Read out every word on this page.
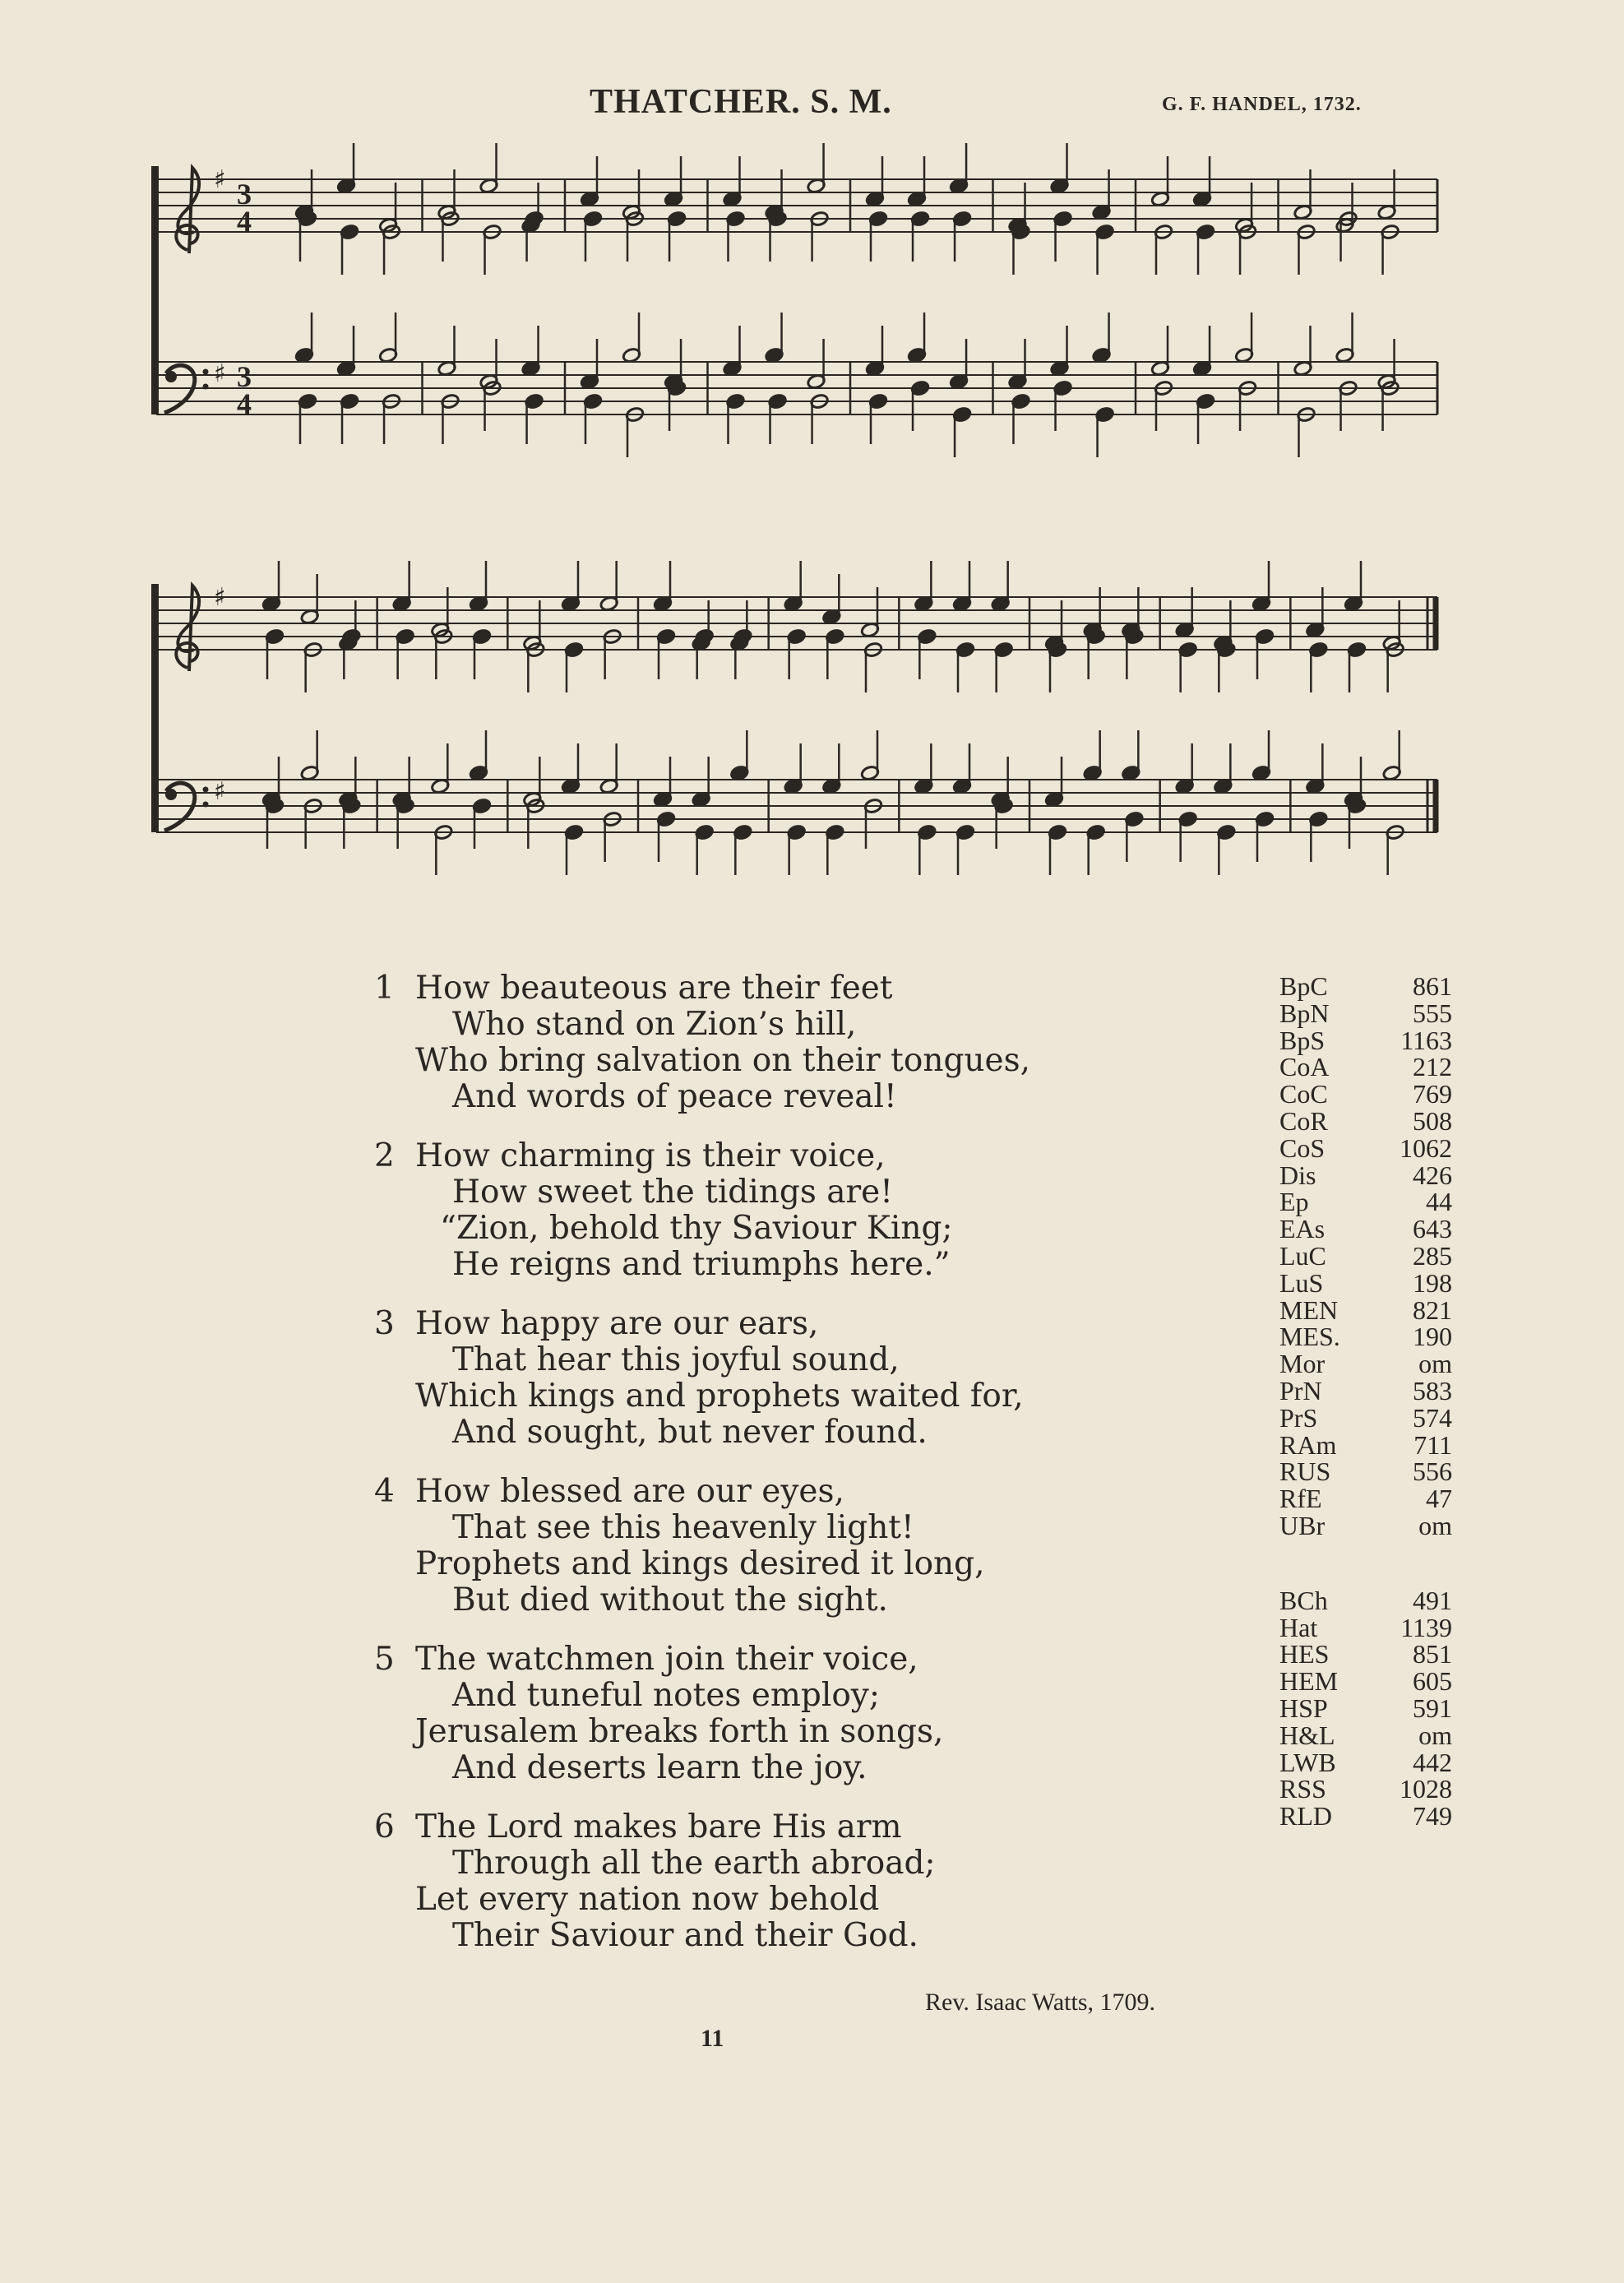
THATCHER. S. M.	G. F. HANDEL, 1732.
♯
♯
3
4
3
4
♯
♯
1 How beauteous are their feet
Who stand on Zion’s hill,
Who bring salvation on their tongues,
And words of peace reveal!
2 How charming is their voice,
How sweet the tidings are!
“Zion, behold thy Saviour King;
He reigns and triumphs here.”
3 How happy are our ears,
That hear this joyful sound,
Which kings and prophets waited for,
And sought, but never found.
4 How blessed are our eyes,
That see this heavenly light!
Prophets and kings desired it long,
But died without the sight.
5 The watchmen join their voice,
And tuneful notes employ;
Jerusalem breaks forth in songs,
And deserts learn the joy.
6 The Lord makes bare His arm
Through all the earth abroad;
Let every nation now behold
Their Saviour and their God.
Rev. Isaac Watts, 1709.
11
BpC	861
BpN	555
BpS	1163
CoA	212
CoC	769
CoR	508
CoS	1062
Dis	426
Ep	44
EAs	643
LuC	285
LuS	198
MEN	821
MES.	190
Mor	om
PrN	583
PrS	574
RAm	711
RUS	556
RfE	47
UBr	om
BCh	491
Hat	1139
HES	851
HEM	605
HSP	591
H&L	om
LWB	442
RSS	1028
RLD	749
